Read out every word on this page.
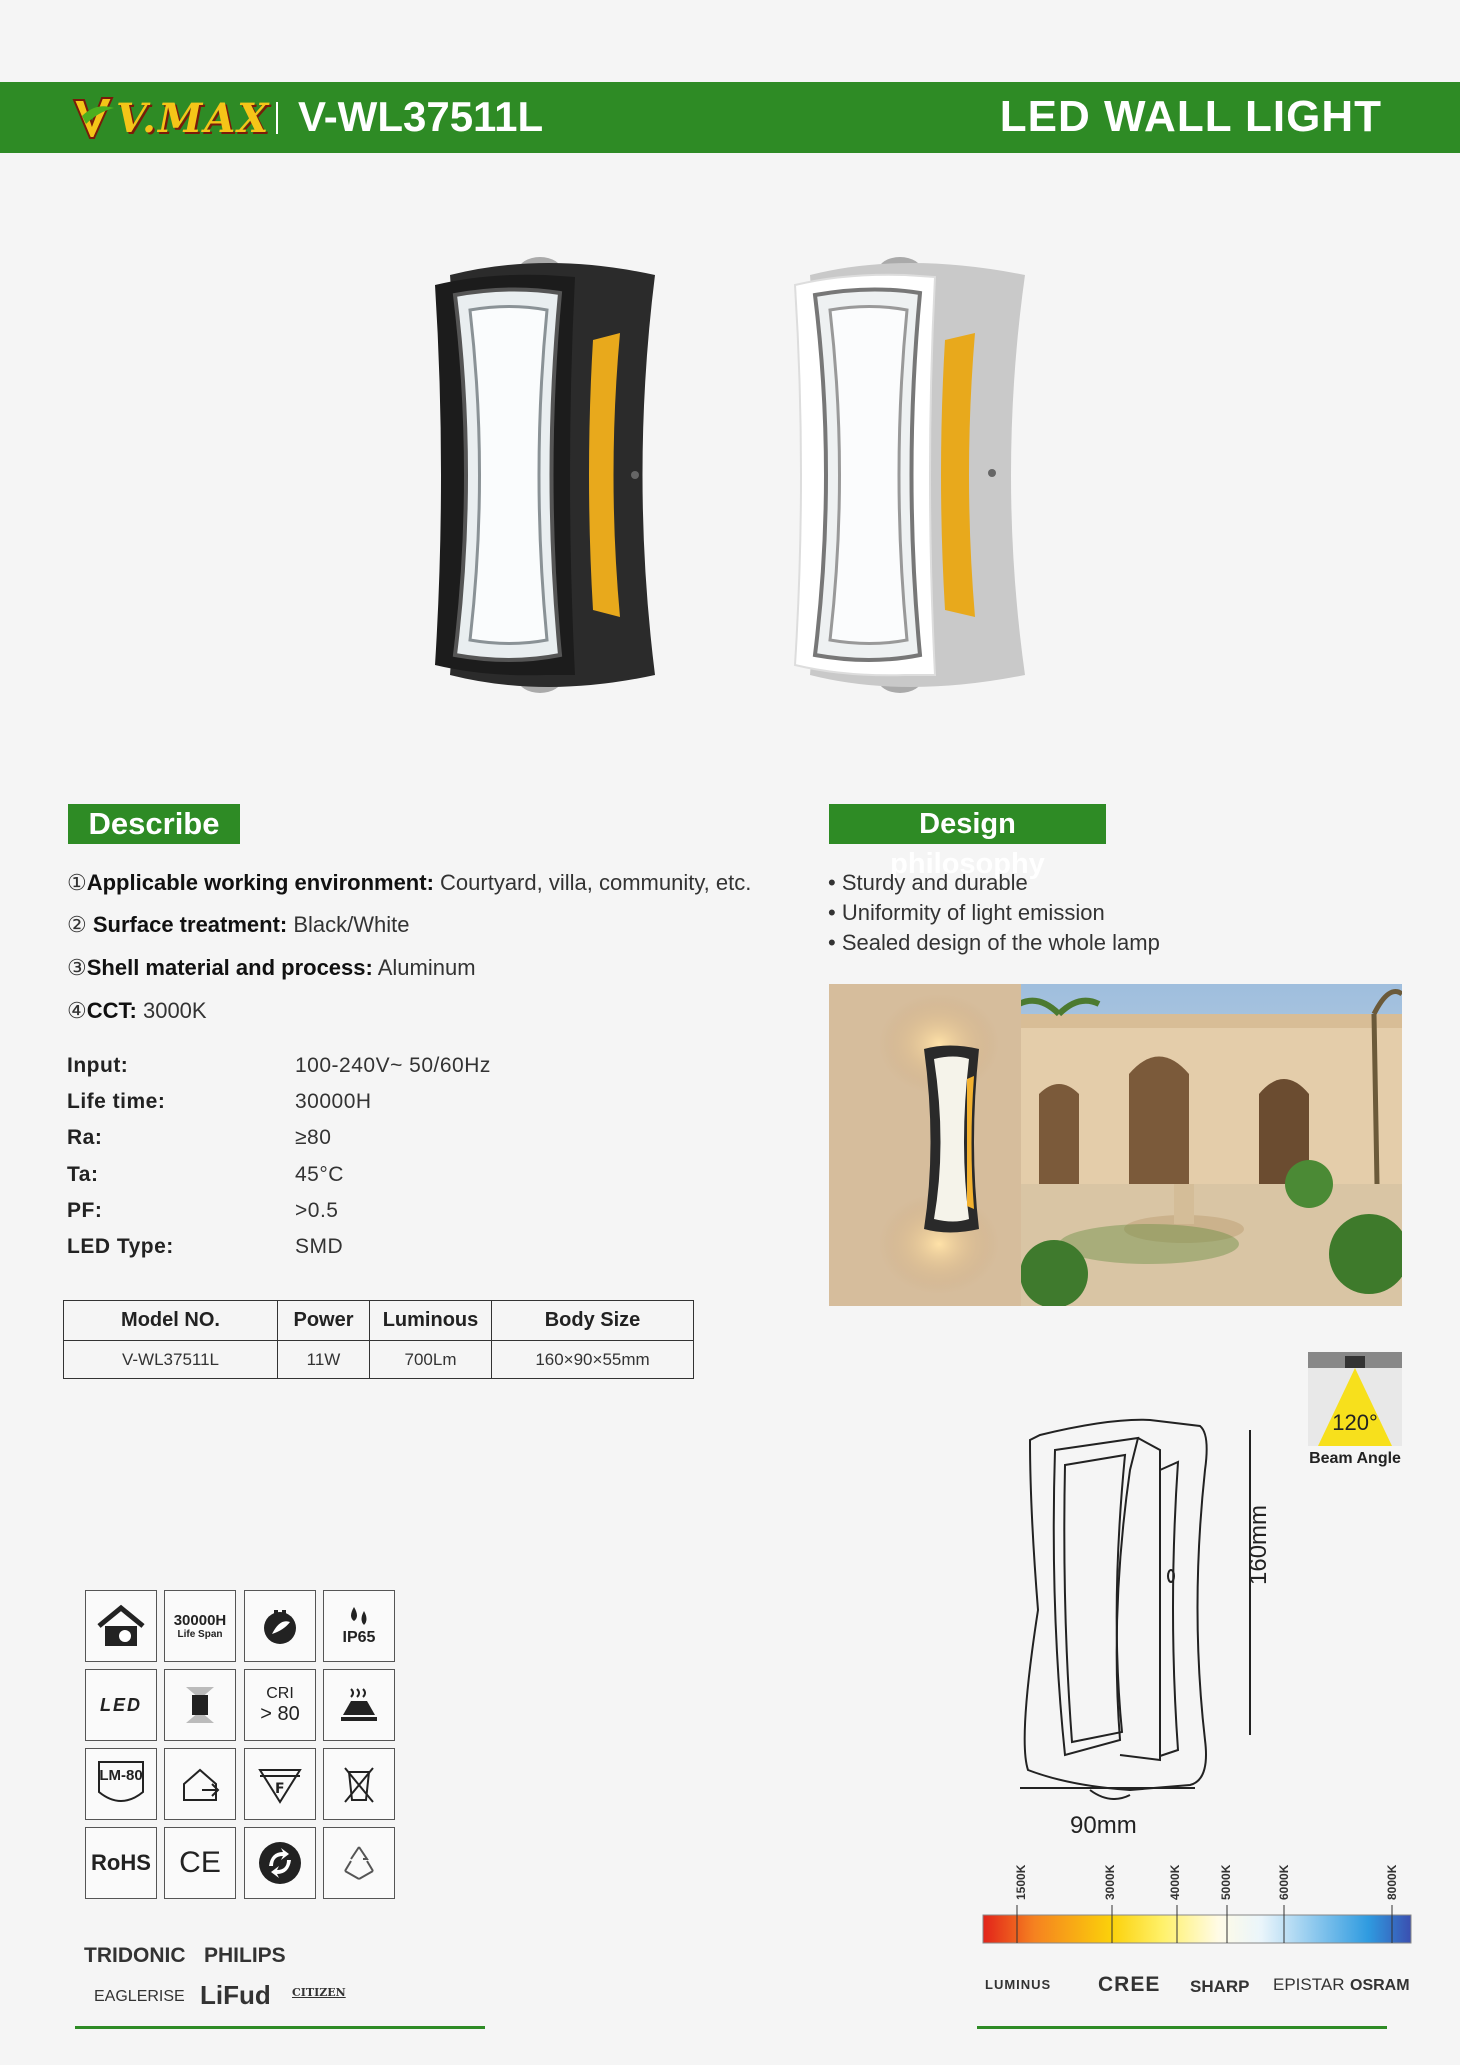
V.MAX V-WL37511L	LED WALL LIGHT
Describe
①Applicable working environment: Courtyard, villa, community, etc.
② Surface treatment: Black/White
③Shell material and process: Aluminum
④CCT: 3000K
Input:	100-240V~ 50/60Hz
Life time:	30000H
Ra:	≥80
Ta:	45°C
PF:	>0.5
LED Type:	SMD
Model NO.	Power	Luminous	Body Size
V-WL37511L	11W	700Lm	160×90×55mm
Design philosophy
• Sturdy and durable
• Uniformity of light emission
• Sealed design of the whole lamp
120°
Beam Angle
160mm
90mm
30000H
Life Span	IP65
LED
CRI
> 80
LM-80
F
RoHS CE
TRIDONIC PHILIPS
EAGLERISE LiFud CITIZEN
1500K	3000K	4000K	5000K	6000K	8000K
LUMINUS CREE SHARP EPISTAR OSRAM
